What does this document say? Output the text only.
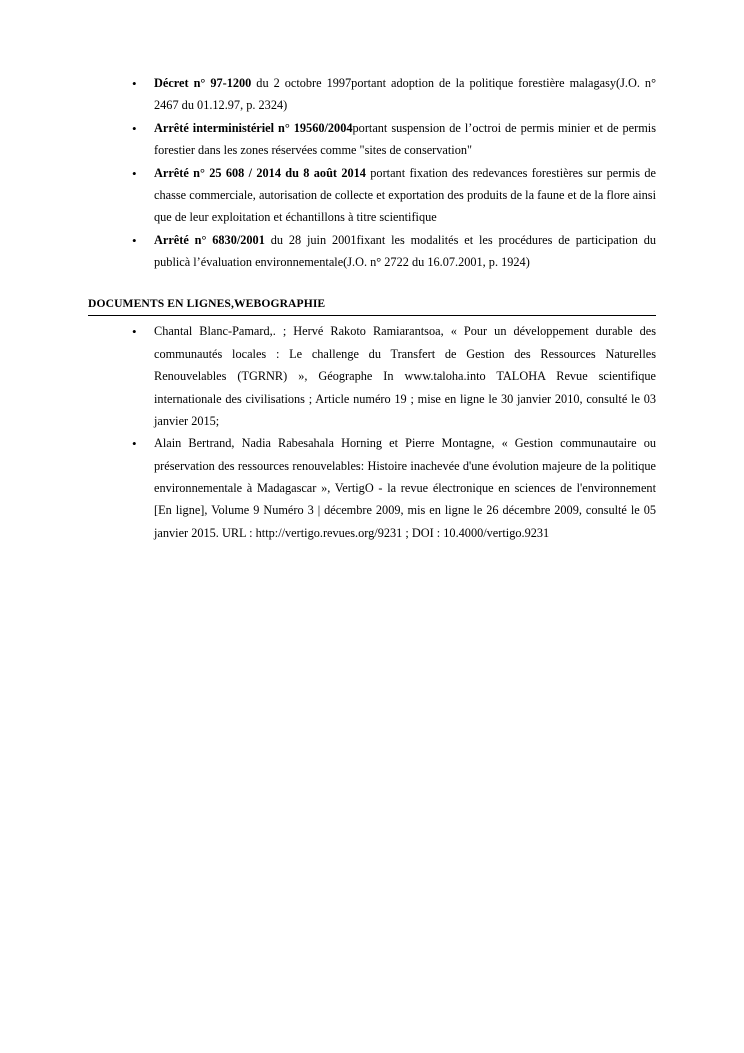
• Décret n° 97-1200 du 2 octobre 1997portant adoption de la politique forestière malagasy(J.O. n° 2467 du 01.12.97, p. 2324)
• Arrêté interministériel n° 19560/2004portant suspension de l’octroi de permis minier et de permis forestier dans les zones réservées comme "sites de conservation"
• Arrêté n° 25 608 / 2014 du 8 août 2014 portant fixation des redevances forestières sur permis de chasse commerciale, autorisation de collecte et exportation des produits de la faune et de la flore ainsi que de leur exploitation et échantillons à titre scientifique
• Arrêté n° 6830/2001 du 28 juin 2001fixant les modalités et les procédures de participation du publicà l’évaluation environnementale(J.O. n° 2722 du 16.07.2001, p. 1924)
DOCUMENTS EN LIGNES,WEBOGRAPHIE
• Chantal Blanc-Pamard,. ; Hervé Rakoto Ramiarantsoa, « Pour un développement durable des communautés locales : Le challenge du Transfert de Gestion des Ressources Naturelles Renouvelables (TGRNR) », Géographe In www.taloha.into TALOHA Revue scientifique internationale des civilisations ; Article numéro 19 ; mise en ligne le 30 janvier 2010, consulté le 03 janvier 2015;
• Alain Bertrand, Nadia Rabesahala Horning et Pierre Montagne, « Gestion communautaire ou préservation des ressources renouvelables: Histoire inachevée d'une évolution majeure de la politique environnementale à Madagascar », VertigO - la revue électronique en sciences de l'environnement [En ligne], Volume 9 Numéro 3 | décembre 2009, mis en ligne le 26 décembre 2009, consulté le 05 janvier 2015. URL : http://vertigo.revues.org/9231 ; DOI : 10.4000/vertigo.9231
